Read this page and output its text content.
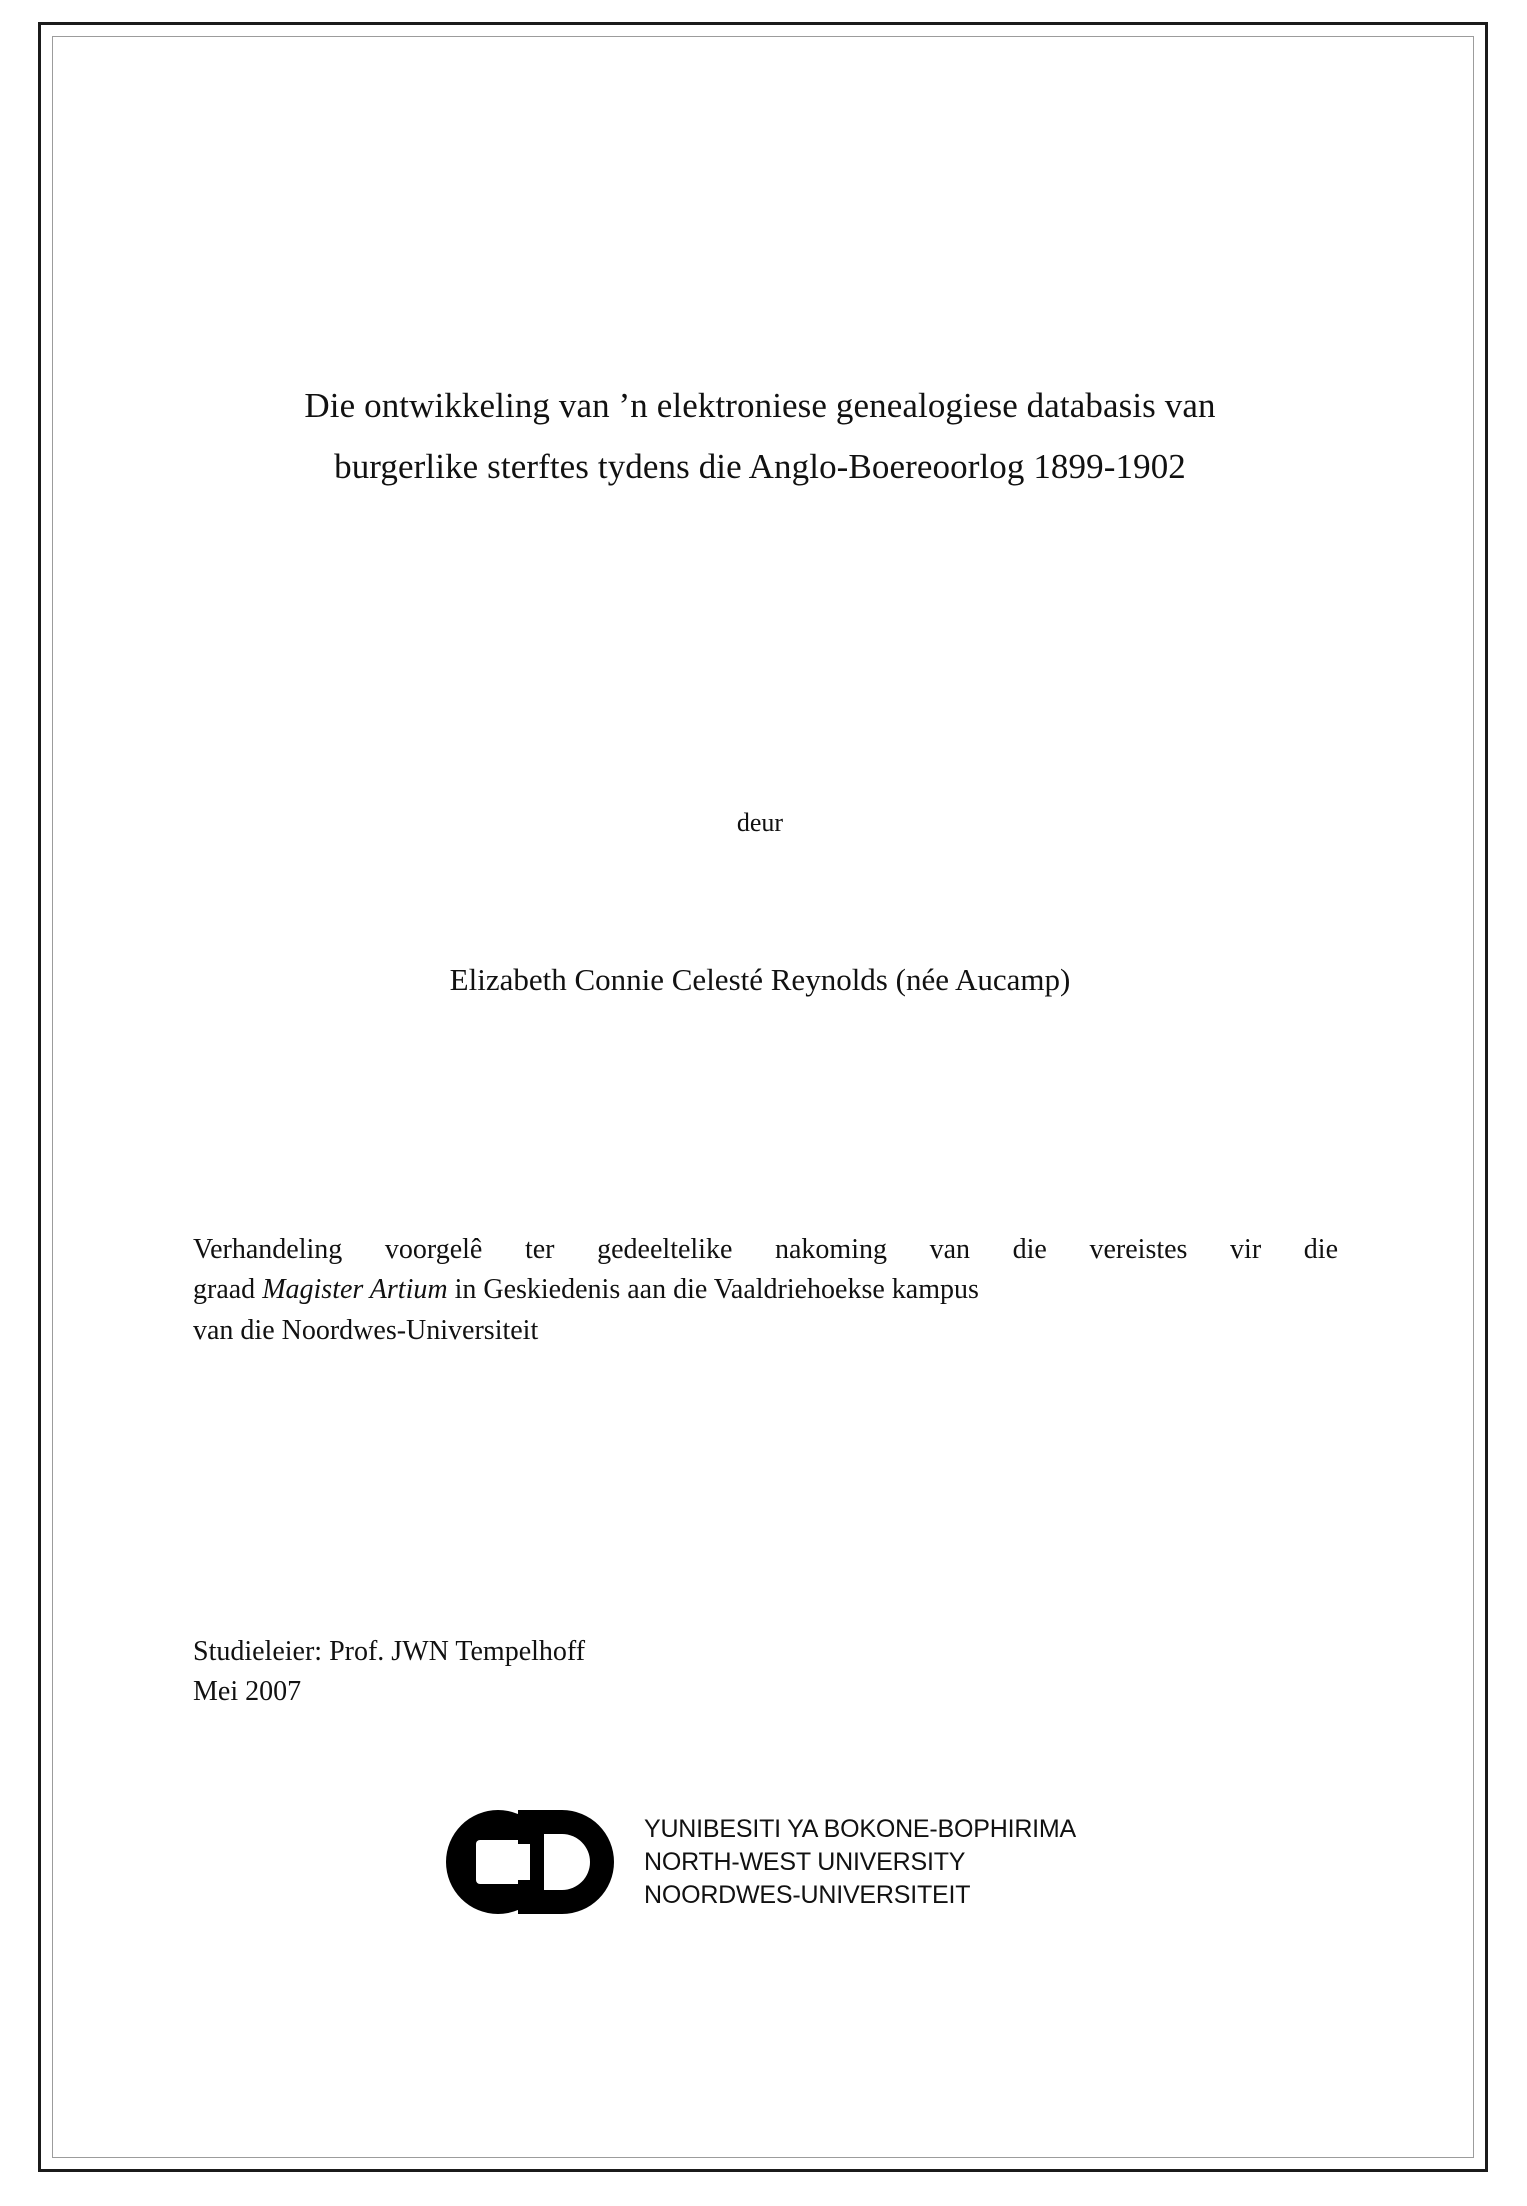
Die ontwikkeling van ’n elektroniese genealogiese databasis van
burgerlike sterftes tydens die Anglo-Boereoorlog 1899-1902
deur
Elizabeth Connie Celesté Reynolds (née Aucamp)

Verhandeling voorgelê ter gedeeltelike nakoming van die vereistes vir die

graad Magister Artium in Geskiedenis aan die Vaaldriehoekse kampus

van die Noordwes-Universiteit

Studieleier: Prof. JWN Tempelhoff

Mei 2007

YUNIBESITI YA BOKONE-BOPHIRIMA
NORTH-WEST UNIVERSITY
NOORDWES-UNIVERSITEIT
